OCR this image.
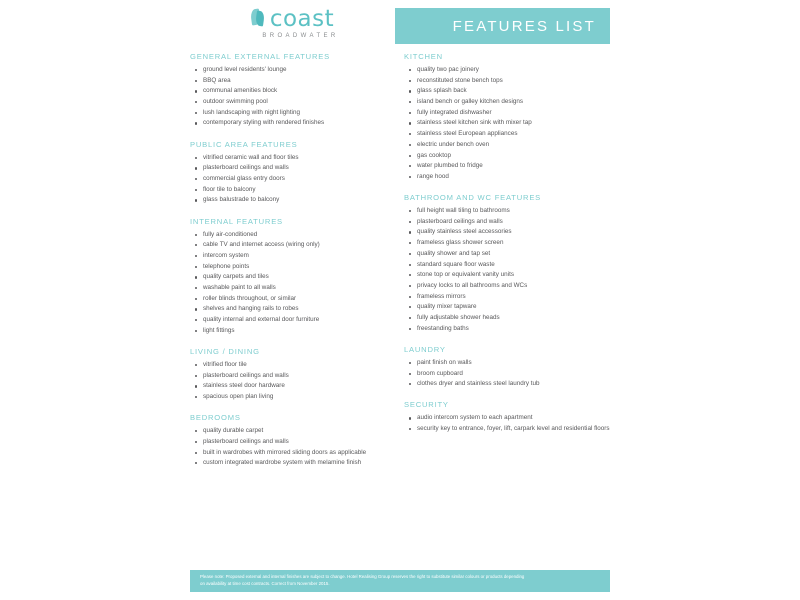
FEATURES LIST
coast
BROADWATER
GENERAL EXTERNAL FEATURES
ground level residents' lounge
BBQ area
communal amenities block
outdoor swimming pool
lush landscaping with night lighting
contemporary styling with rendered finishes
PUBLIC AREA FEATURES
vitrified ceramic wall and floor tiles
plasterboard ceilings and walls
commercial glass entry doors
floor tile to balcony
glass balustrade to balcony
INTERNAL FEATURES
fully air-conditioned
cable TV and internet access (wiring only)
intercom system
telephone points
quality carpets and tiles
washable paint to all walls
roller blinds throughout, or similar
shelves and hanging rails to robes
quality internal and external door furniture
light fittings
LIVING / DINING
vitrified floor tile
plasterboard ceilings and walls
stainless steel door hardware
spacious open plan living
BEDROOMS
quality durable carpet
plasterboard ceilings and walls
built in wardrobes with mirrored sliding doors as applicable
custom integrated wardrobe system with melamine finish
KITCHEN
quality two pac joinery
reconstituted stone bench tops
glass splash back
island bench or galley kitchen designs
fully integrated dishwasher
stainless steel kitchen sink with mixer tap
stainless steel European appliances
electric under bench oven
gas cooktop
water plumbed to fridge
range hood
BATHROOM AND WC FEATURES
full height wall tiling to bathrooms
plasterboard ceilings and walls
quality stainless steel accessories
frameless glass shower screen
quality shower and tap set
standard square floor waste
stone top or equivalent vanity units
privacy locks to all bathrooms and WCs
frameless mirrors
quality mixer tapware
fully adjustable shower heads
freestanding baths
LAUNDRY
paint finish on walls
broom cupboard
clothes dryer and stainless steel laundry tub
SECURITY
audio intercom system to each apartment
security key to entrance, foyer, lift, carpark level and residential floors

Please note: Proposed external and internal finishes are subject to change. Hotel Realising Group reserves the right to substitute similar colours or products depending

on availability at time cost contracts. Correct from November 2015.
